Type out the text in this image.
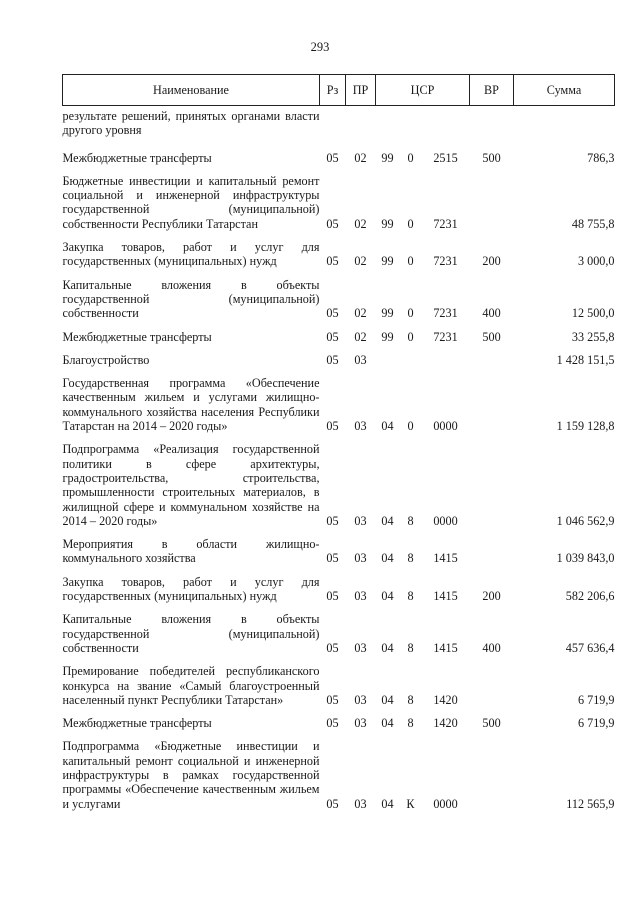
293
Наименование	Рз	ПР	ЦСР			ВР	Сумма
результате решений, принятых органами власти другого уровня							
Межбюджетные трансферты	05	02	99	0	2515	500	786,3
Бюджетные инвестиции и капитальный ремонт социальной и инженерной инфраструктуры государственной (муниципальной) собственности Республики Татарстан	05	02	99	0	7231		48 755,8
Закупка товаров, работ и услуг для государственных (муниципальных) нужд	05	02	99	0	7231	200	3 000,0
Капитальные вложения в объекты государственной (муниципальной) собственности	05	02	99	0	7231	400	12 500,0
Межбюджетные трансферты	05	02	99	0	7231	500	33 255,8
Благоустройство	05	03					1 428 151,5
Государственная программа «Обеспечение качественным жильем и услугами жилищно-коммунального хозяйства населения Республики Татарстан на 2014 – 2020 годы»	05	03	04	0	0000		1 159 128,8
Подпрограмма «Реализация государственной политики в сфере архитектуры, градостроительства, строительства, промышленности строительных материалов, в жилищной сфере и коммунальном хозяйстве на 2014 – 2020 годы»	05	03	04	8	0000		1 046 562,9
Мероприятия в области жилищно-коммунального хозяйства	05	03	04	8	1415		1 039 843,0
Закупка товаров, работ и услуг для государственных (муниципальных) нужд	05	03	04	8	1415	200	582 206,6
Капитальные вложения в объекты государственной (муниципальной) собственности	05	03	04	8	1415	400	457 636,4
Премирование победителей республиканского конкурса на звание «Самый благоустроенный населенный пункт Республики Татарстан»	05	03	04	8	1420		6 719,9
Межбюджетные трансферты	05	03	04	8	1420	500	6 719,9
Подпрограмма «Бюджетные инвестиции и капитальный ремонт социальной и инженерной инфраструктуры в рамках государственной программы «Обеспечение качественным жильем и услугами	05	03	04	К	0000		112 565,9
